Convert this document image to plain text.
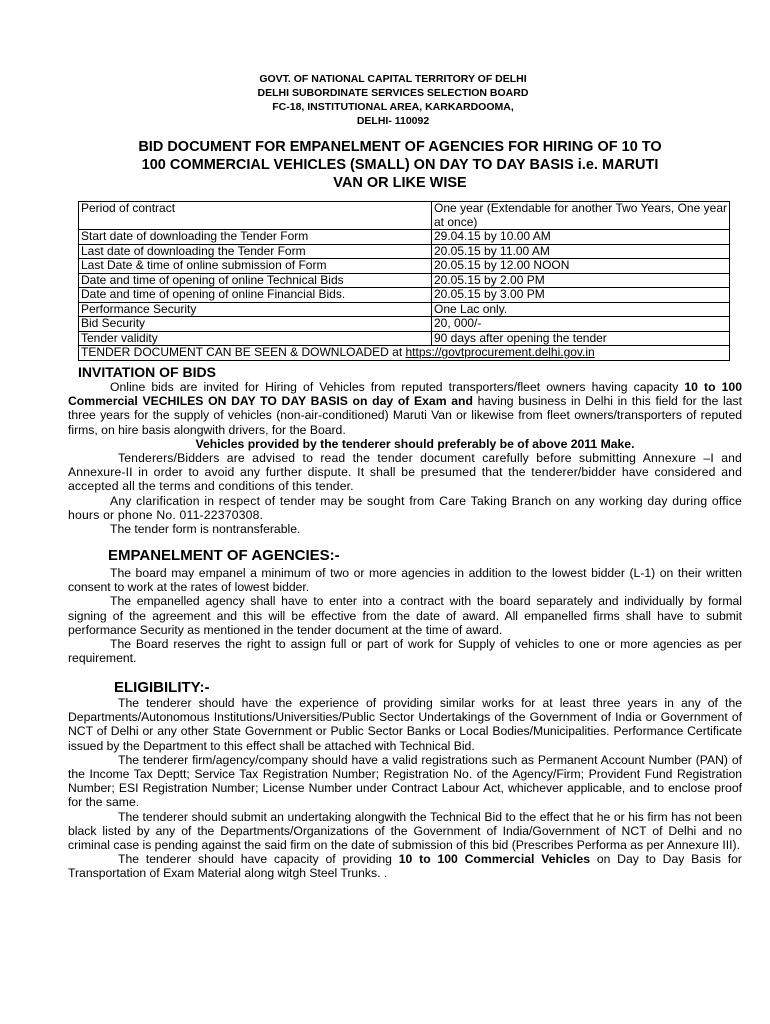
GOVT. OF NATIONAL CAPITAL TERRITORY OF DELHI
DELHI SUBORDINATE SERVICES SELECTION BOARD
FC-18, INSTITUTIONAL AREA, KARKARDOOMA,
DELHI- 110092
BID DOCUMENT FOR EMPANELMENT OF AGENCIES FOR HIRING OF 10 TO
100 COMMERCIAL VEHICLES (SMALL) ON DAY TO DAY BASIS i.e. MARUTI
VAN OR LIKE WISE
Period of contract	One year (Extendable for another Two Years, One year at once)
Start date of downloading the Tender Form	29.04.15 by 10.00 AM
Last date of downloading the Tender Form	20.05.15 by 11.00 AM
Last Date & time of online submission of Form	20.05.15 by 12.00 NOON
Date and time of opening of online Technical Bids	20.05.15 by 2.00 PM
Date and time of opening of online Financial Bids.	20.05.15 by 3.00 PM
Performance Security	One Lac only.
Bid Security	20, 000/-
Tender validity	90 days after opening the tender
TENDER DOCUMENT CAN BE SEEN & DOWNLOADED at https://govtprocurement.delhi.gov.in	
INVITATION OF BIDS

Online bids are invited for Hiring of Vehicles from reputed transporters/fleet owners having capacity 10 to 100 Commercial VECHILES ON DAY TO DAY BASIS on day of Exam and having business in Delhi in this field for the last three years for the supply of vehicles (non-air-conditioned) Maruti Van or likewise from fleet owners/transporters of reputed firms, on hire basis alongwith drivers, for the Board.

Vehicles provided by the tenderer should preferably be of above 2011 Make.

Tenderers/Bidders are advised to read the tender document carefully before submitting Annexure –I and Annexure-II in order to avoid any further dispute. It shall be presumed that the tenderer/bidder have considered and accepted all the terms and conditions of this tender.

Any clarification in respect of tender may be sought from Care Taking Branch on any working day during office hours or phone No. 011-22370308.

The tender form is nontransferable.

EMPANELMENT OF AGENCIES:-

The board may empanel a minimum of two or more agencies in addition to the lowest bidder (L-1) on their written consent to work at the rates of lowest bidder.

The empanelled agency shall have to enter into a contract with the board separately and individually by formal signing of the agreement and this will be effective from the date of award. All empanelled firms shall have to submit performance Security as mentioned in the tender document at the time of award.

The Board reserves the right to assign full or part of work for Supply of vehicles to one or more agencies as per requirement.

ELIGIBILITY:-

The tenderer should have the experience of providing similar works for at least three years in any of the Departments/Autonomous Institutions/Universities/Public Sector Undertakings of the Government of India or Government of NCT of Delhi or any other State Government or Public Sector Banks or Local Bodies/Municipalities. Performance Certificate issued by the Department to this effect shall be attached with Technical Bid.

The tenderer firm/agency/company should have a valid registrations such as Permanent Account Number (PAN) of the Income Tax Deptt; Service Tax Registration Number; Registration No. of the Agency/Firm; Provident Fund Registration Number; ESI Registration Number; License Number under Contract Labour Act, whichever applicable, and to enclose proof for the same.

The tenderer should submit an undertaking alongwith the Technical Bid to the effect that he or his firm has not been black listed by any of the Departments/Organizations of the Government of India/Government of NCT of Delhi and no criminal case is pending against the said firm on the date of submission of this bid (Prescribes Performa as per Annexure III).

The tenderer should have capacity of providing 10 to 100 Commercial Vehicles on Day to Day Basis for Transportation of Exam Material along witgh Steel Trunks. .
